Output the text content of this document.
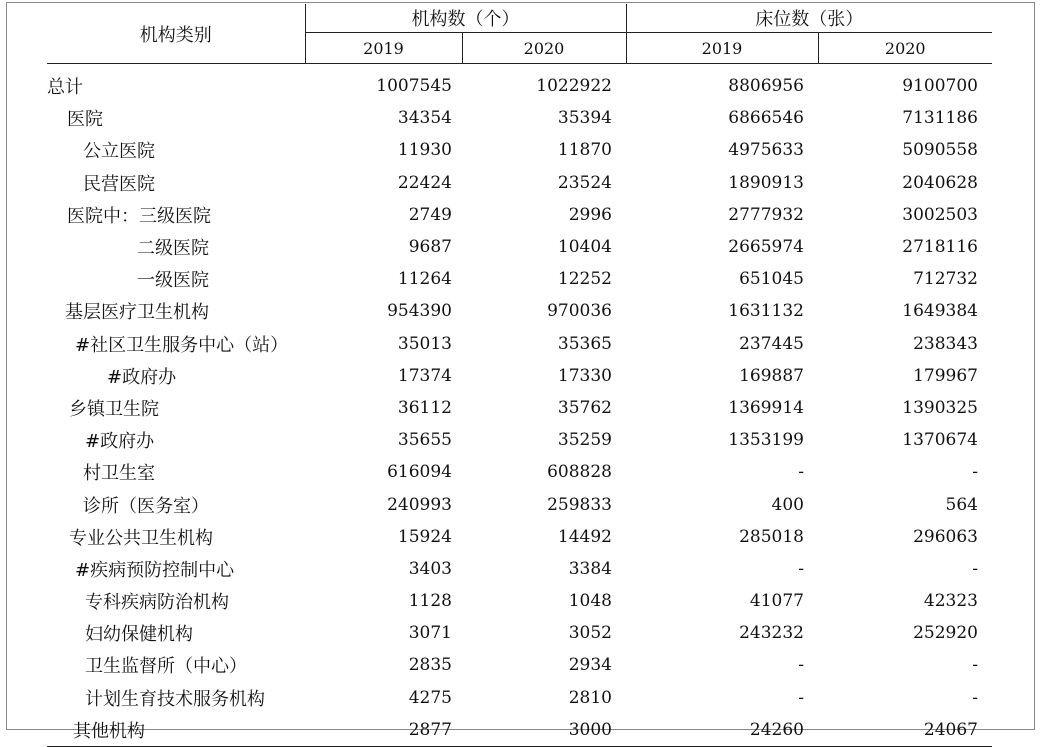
机构类别	机构数（个）		床位数（张）	
	2019	2020	2019	2020
总计	1007545	1022922	8806956	9100700
医院	34354	35394	6866546	7131186
公立医院	11930	11870	4975633	5090558
民营医院	22424	23524	1890913	2040628
医院中：三级医院	2749	2996	2777932	3002503
二级医院	9687	10404	2665974	2718116
一级医院	11264	12252	651045	712732
基层医疗卫生机构	954390	970036	1631132	1649384
#社区卫生服务中心（站）	35013	35365	237445	238343
#政府办	17374	17330	169887	179967
乡镇卫生院	36112	35762	1369914	1390325
#政府办	35655	35259	1353199	1370674
村卫生室	616094	608828	-	-
诊所（医务室）	240993	259833	400	564
专业公共卫生机构	15924	14492	285018	296063
#疾病预防控制中心	3403	3384	-	-
专科疾病防治机构	1128	1048	41077	42323
妇幼保健机构	3071	3052	243232	252920
卫生监督所（中心）	2835	2934	-	-
计划生育技术服务机构	4275	2810	-	-
其他机构	2877	3000	24260	24067
